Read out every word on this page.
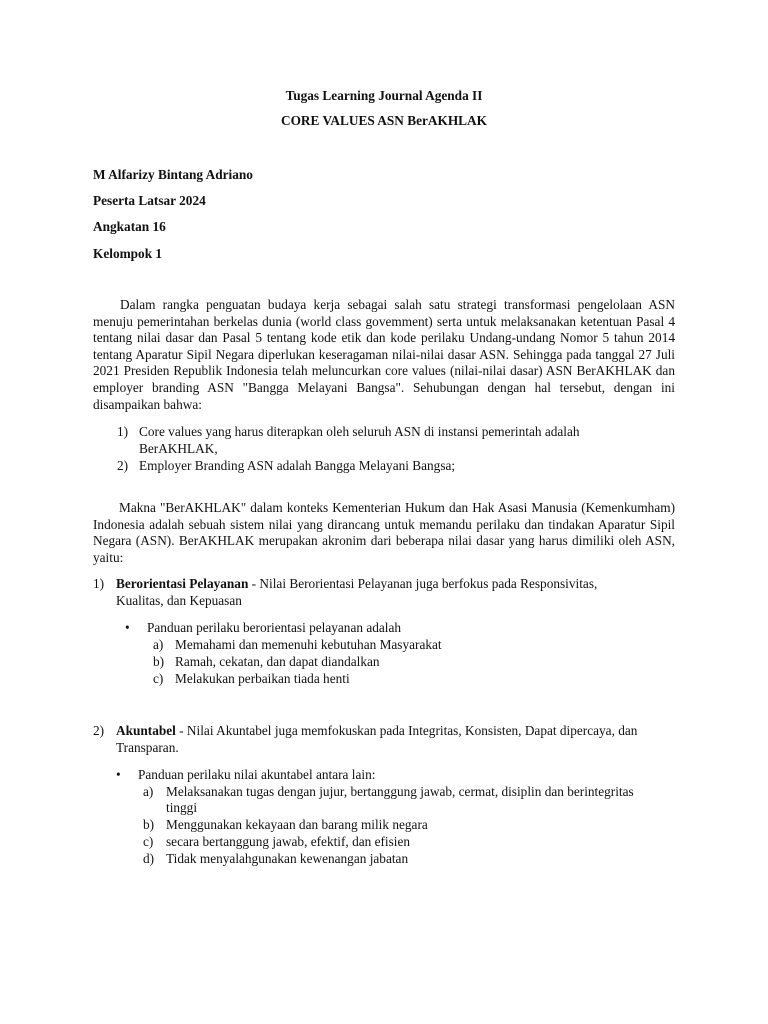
Tugas Learning Journal Agenda II
CORE VALUES ASN BerAKHLAK
M Alfarizy Bintang Adriano
Peserta Latsar 2024
Angkatan 16
Kelompok 1

Dalam rangka penguatan budaya kerja sebagai salah satu strategi transformasi pengelolaan ASN menuju pemerintahan berkelas dunia (world class govemment) serta untuk melaksanakan ketentuan Pasal 4 tentang nilai dasar dan Pasal 5 tentang kode etik dan kode perilaku Undang-undang Nomor 5 tahun 2014 tentang Aparatur Sipil Negara diperlukan keseragaman nilai-nilai dasar ASN. Sehingga pada tanggal 27 Juli 2021 Presiden Republik Indonesia telah meluncurkan core values (nilai-nilai dasar) ASN BerAKHLAK dan employer branding ASN "Bangga Melayani Bangsa". Sehubungan dengan hal tersebut, dengan ini disampaikan bahwa:

1) Core values yang harus diterapkan oleh seluruh ASN di instansi pemerintah adalah
BerAKHLAK,
2) Employer Branding ASN adalah Bangga Melayani Bangsa;

Makna "BerAKHLAK" dalam konteks Kementerian Hukum dan Hak Asasi Manusia (Kemenkumham) Indonesia adalah sebuah sistem nilai yang dirancang untuk memandu perilaku dan tindakan Aparatur Sipil Negara (ASN). BerAKHLAK merupakan akronim dari beberapa nilai dasar yang harus dimiliki oleh ASN, yaitu:

1) Berorientasi Pelayanan - Nilai Berorientasi Pelayanan juga berfokus pada Responsivitas,
Kualitas, dan Kepuasan
• Panduan perilaku berorientasi pelayanan adalah
a) Memahami dan memenuhi kebutuhan Masyarakat
b) Ramah, cekatan, dan dapat diandalkan
c) Melakukan perbaikan tiada henti
2) Akuntabel - Nilai Akuntabel juga memfokuskan pada Integritas, Konsisten, Dapat dipercaya, dan
Transparan.
• Panduan perilaku nilai akuntabel antara lain:
a) Melaksanakan tugas dengan jujur, bertanggung jawab, cermat, disiplin dan berintegritas
tinggi
b) Menggunakan kekayaan dan barang milik negara
c) secara bertanggung jawab, efektif, dan efisien
d) Tidak menyalahgunakan kewenangan jabatan
